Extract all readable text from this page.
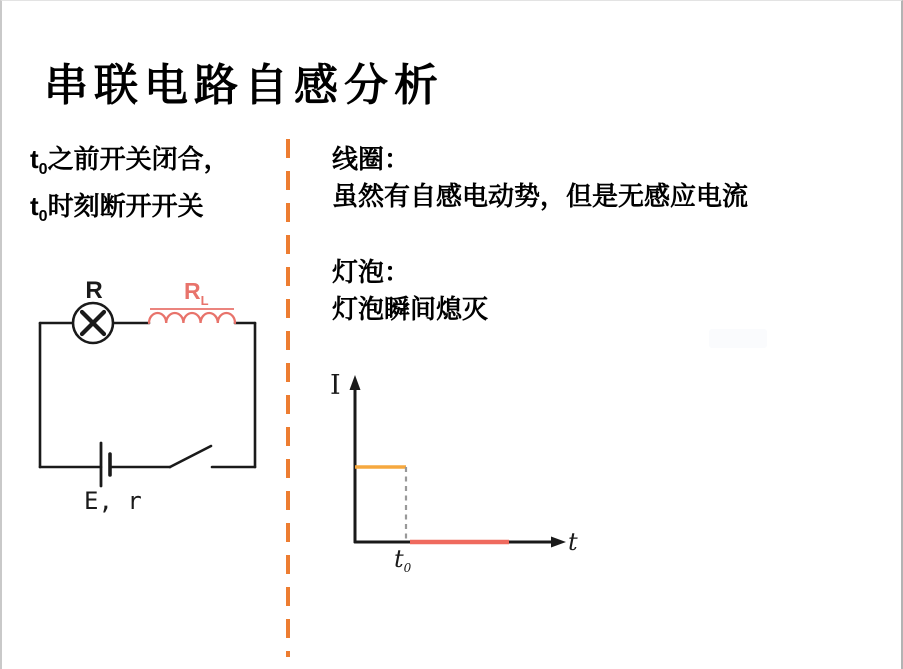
串联电路自感分析
$t_0$之前开关闭合，
$t_0$时刻断开开关
R	$R_L$
E, r
线圈：
虽然有自感电动势，但是无感应电流
灯泡：
灯泡瞬间熄灭
I
t
$t_0$
